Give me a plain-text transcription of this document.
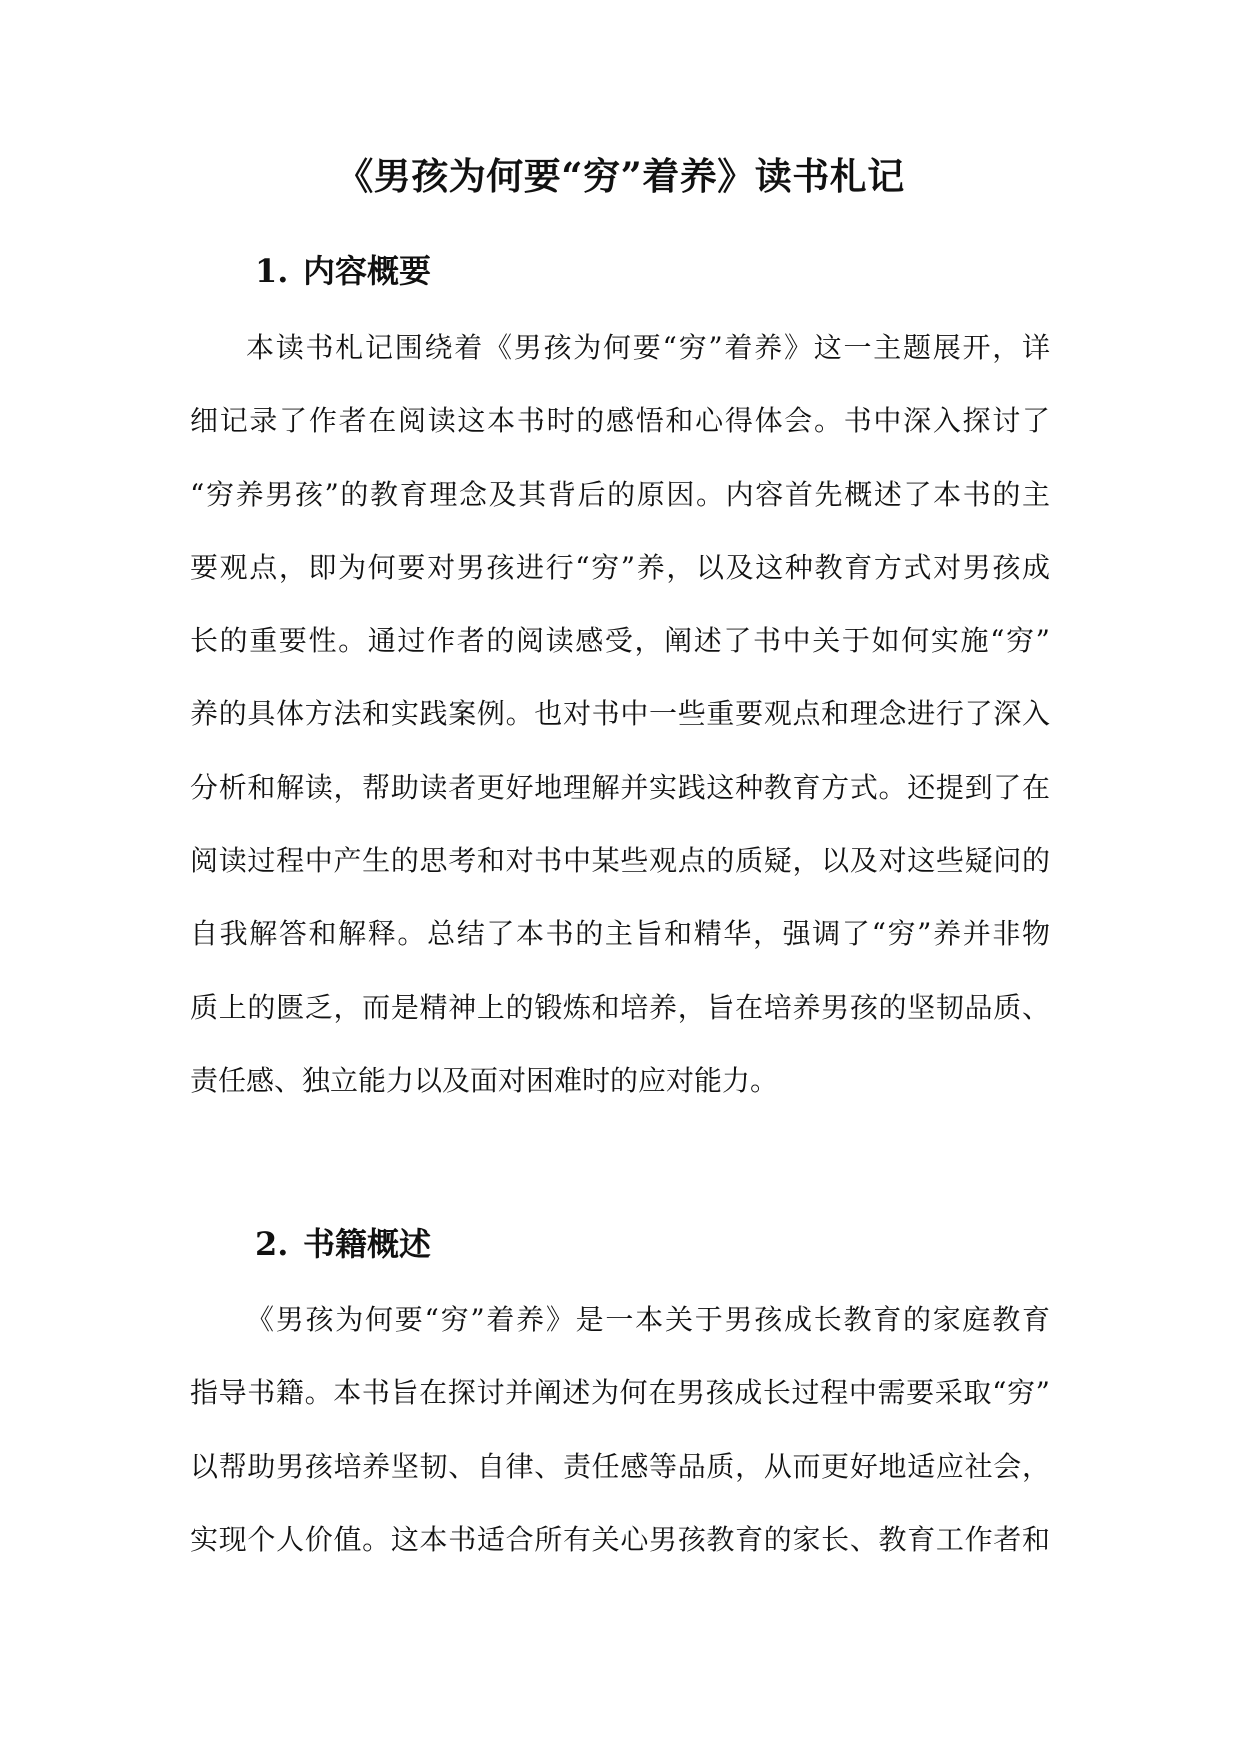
《男孩为何要“穷”着养》读书札记
1. 内容概要
本读书札记围绕着《男孩为何要“穷”着养》这一主题展开，详
细记录了作者在阅读这本书时的感悟和心得体会。书中深入探讨了
“穷养男孩”的教育理念及其背后的原因。内容首先概述了本书的主
要观点，即为何要对男孩进行“穷”养，以及这种教育方式对男孩成
长的重要性。通过作者的阅读感受，阐述了书中关于如何实施“穷”
养的具体方法和实践案例。也对书中一些重要观点和理念进行了深入
分析和解读，帮助读者更好地理解并实践这种教育方式。还提到了在
阅读过程中产生的思考和对书中某些观点的质疑，以及对这些疑问的
自我解答和解释。总结了本书的主旨和精华，强调了“穷”养并非物
质上的匮乏，而是精神上的锻炼和培养，旨在培养男孩的坚韧品质、
责任感、独立能力以及面对困难时的应对能力。
2. 书籍概述
《男孩为何要“穷”着养》是一本关于男孩成长教育的家庭教育
指导书籍。本书旨在探讨并阐述为何在男孩成长过程中需要采取“穷”
以帮助男孩培养坚韧、自律、责任感等品质，从而更好地适应社会，
实现个人价值。这本书适合所有关心男孩教育的家长、教育工作者和
